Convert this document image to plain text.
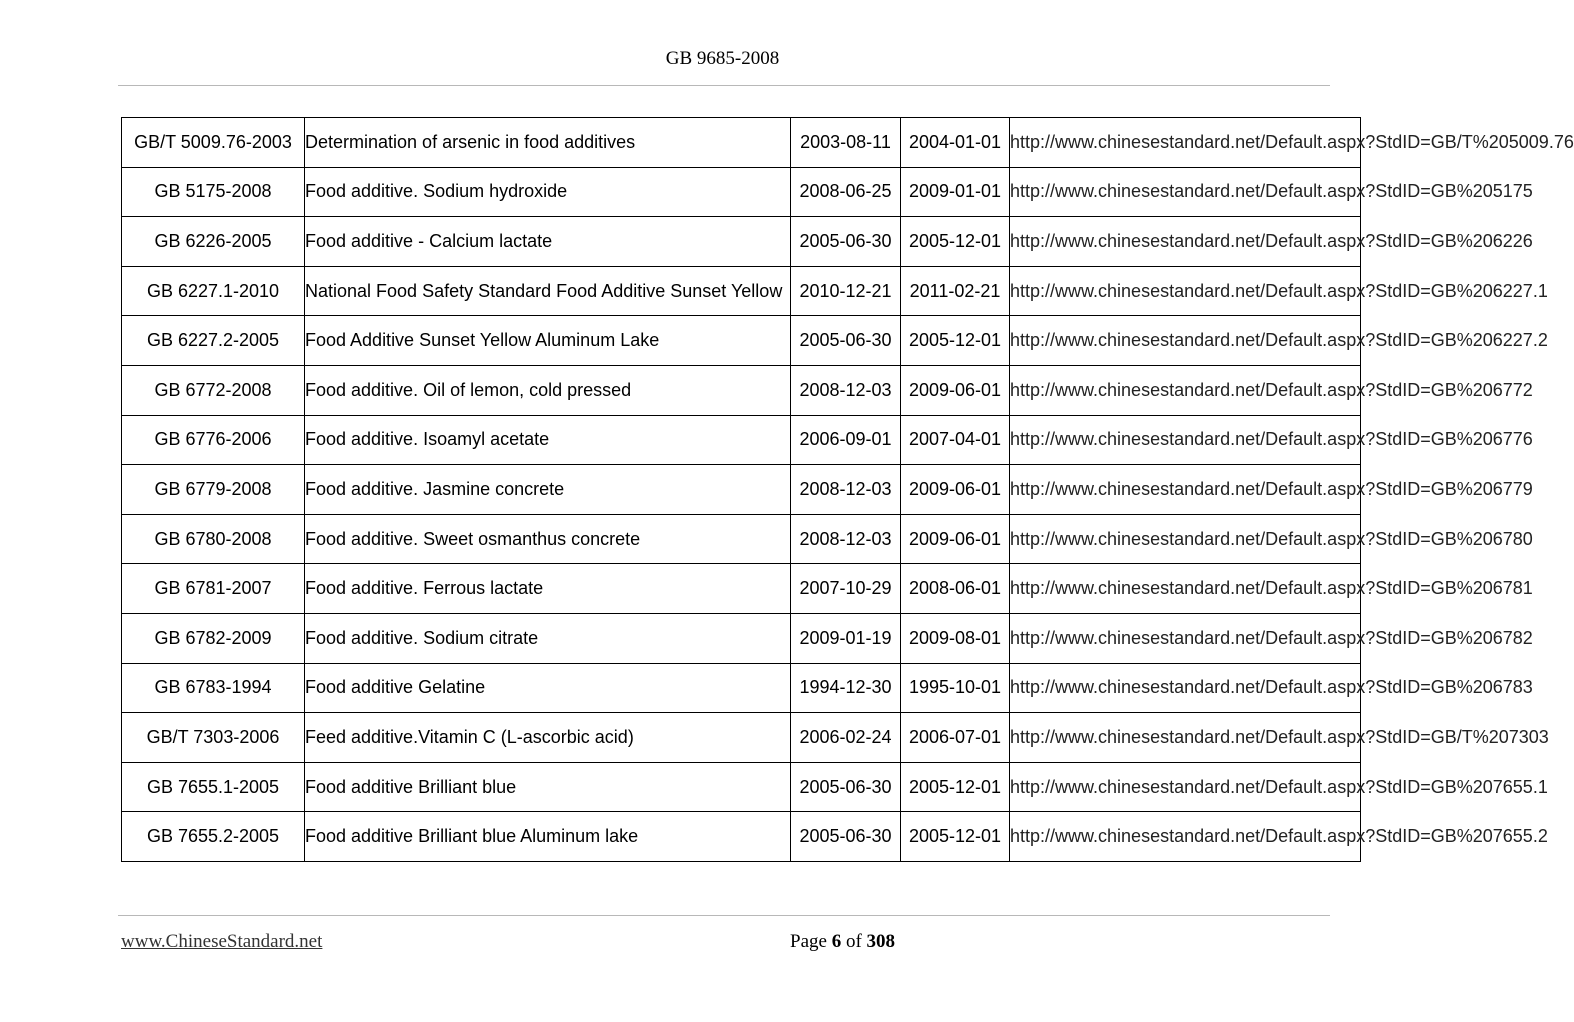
GB 9685-2008
GB/T 5009.76-2003	Determination of arsenic in food additives	2003-08-11	2004-01-01	http://www.chinesestandard.net/Default.aspx?StdID=GB/T%205009.76
GB 5175-2008	Food additive. Sodium hydroxide	2008-06-25	2009-01-01	http://www.chinesestandard.net/Default.aspx?StdID=GB%205175
GB 6226-2005	Food additive - Calcium lactate	2005-06-30	2005-12-01	http://www.chinesestandard.net/Default.aspx?StdID=GB%206226
GB 6227.1-2010	National Food Safety Standard Food Additive Sunset Yellow	2010-12-21	2011-02-21	http://www.chinesestandard.net/Default.aspx?StdID=GB%206227.1
GB 6227.2-2005	Food Additive Sunset Yellow Aluminum Lake	2005-06-30	2005-12-01	http://www.chinesestandard.net/Default.aspx?StdID=GB%206227.2
GB 6772-2008	Food additive. Oil of lemon, cold pressed	2008-12-03	2009-06-01	http://www.chinesestandard.net/Default.aspx?StdID=GB%206772
GB 6776-2006	Food additive. Isoamyl acetate	2006-09-01	2007-04-01	http://www.chinesestandard.net/Default.aspx?StdID=GB%206776
GB 6779-2008	Food additive. Jasmine concrete	2008-12-03	2009-06-01	http://www.chinesestandard.net/Default.aspx?StdID=GB%206779
GB 6780-2008	Food additive. Sweet osmanthus concrete	2008-12-03	2009-06-01	http://www.chinesestandard.net/Default.aspx?StdID=GB%206780
GB 6781-2007	Food additive. Ferrous lactate	2007-10-29	2008-06-01	http://www.chinesestandard.net/Default.aspx?StdID=GB%206781
GB 6782-2009	Food additive. Sodium citrate	2009-01-19	2009-08-01	http://www.chinesestandard.net/Default.aspx?StdID=GB%206782
GB 6783-1994	Food additive Gelatine	1994-12-30	1995-10-01	http://www.chinesestandard.net/Default.aspx?StdID=GB%206783
GB/T 7303-2006	Feed additive.Vitamin C (L-ascorbic acid)	2006-02-24	2006-07-01	http://www.chinesestandard.net/Default.aspx?StdID=GB/T%207303
GB 7655.1-2005	Food additive Brilliant blue	2005-06-30	2005-12-01	http://www.chinesestandard.net/Default.aspx?StdID=GB%207655.1
GB 7655.2-2005	Food additive Brilliant blue Aluminum lake	2005-06-30	2005-12-01	http://www.chinesestandard.net/Default.aspx?StdID=GB%207655.2
www.ChineseStandard.net	Page 6 of 308
